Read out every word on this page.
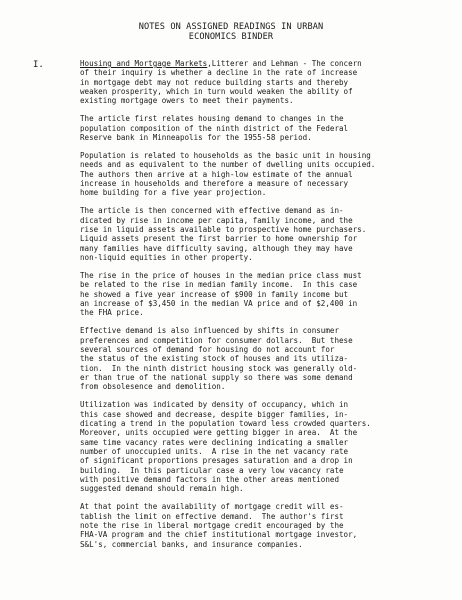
NOTES ON ASSIGNED READINGS IN URBAN
ECONOMICS BINDER
I.	Housing and Mortgage Markets,Litterer and Lehman - The concern
of their inquiry is whether a decline in the rate of increase
in mortgage debt may not reduce building starts and thereby
weaken prosperity, which in turn would weaken the ability of
existing mortgage owers to meet their payments.
The article first relates housing demand to changes in the
population composition of the ninth district of the Federal
Reserve bank in Minneapolis for the 1955-58 period.
Population is related to households as the basic unit in housing
needs and as equivalent to the number of dwelling units occupied.
The authors then arrive at a high-low estimate of the annual
increase in households and therefore a measure of necessary
home building for a five year projection.
The article is then concerned with effective demand as in-
dicated by rise in income per capita, family income, and the
rise in liquid assets available to prospective home purchasers.
Liquid assets present the first barrier to home ownership for
many families have difficulty saving, although they may have
non-liquid equities in other property.
The rise in the price of houses in the median price class must
be related to the rise in median family income.  In this case
he showed a five year increase of $900 in family income but
an increase of $3,450 in the median VA price and of $2,400 in
the FHA price.
Effective demand is also influenced by shifts in consumer
preferences and competition for consumer dollars.  But these
several sources of demand for housing do not account for
the status of the existing stock of houses and its utiliza-
tion.  In the ninth district housing stock was generally old-
er than true of the national supply so there was some demand
from obsolesence and demolition.
Utilization was indicated by density of occupancy, which in
this case showed and decrease, despite bigger families, in-
dicating a trend in the population toward less crowded quarters.
Moreover, units occupied were getting bigger in area.  At the
same time vacancy rates were declining indicating a smaller
number of unoccupied units.  A rise in the net vacancy rate
of significant proportions presages saturation and a drop in
building.  In this particular case a very low vacancy rate
with positive demand factors in the other areas mentioned
suggested demand should remain high.
At that point the availability of mortgage credit will es-
tablish the limit on effective demand.  The author's first
note the rise in liberal mortgage credit encouraged by the
FHA-VA program and the chief institutional mortgage investor,
S&L's, commercial banks, and insurance companies.
